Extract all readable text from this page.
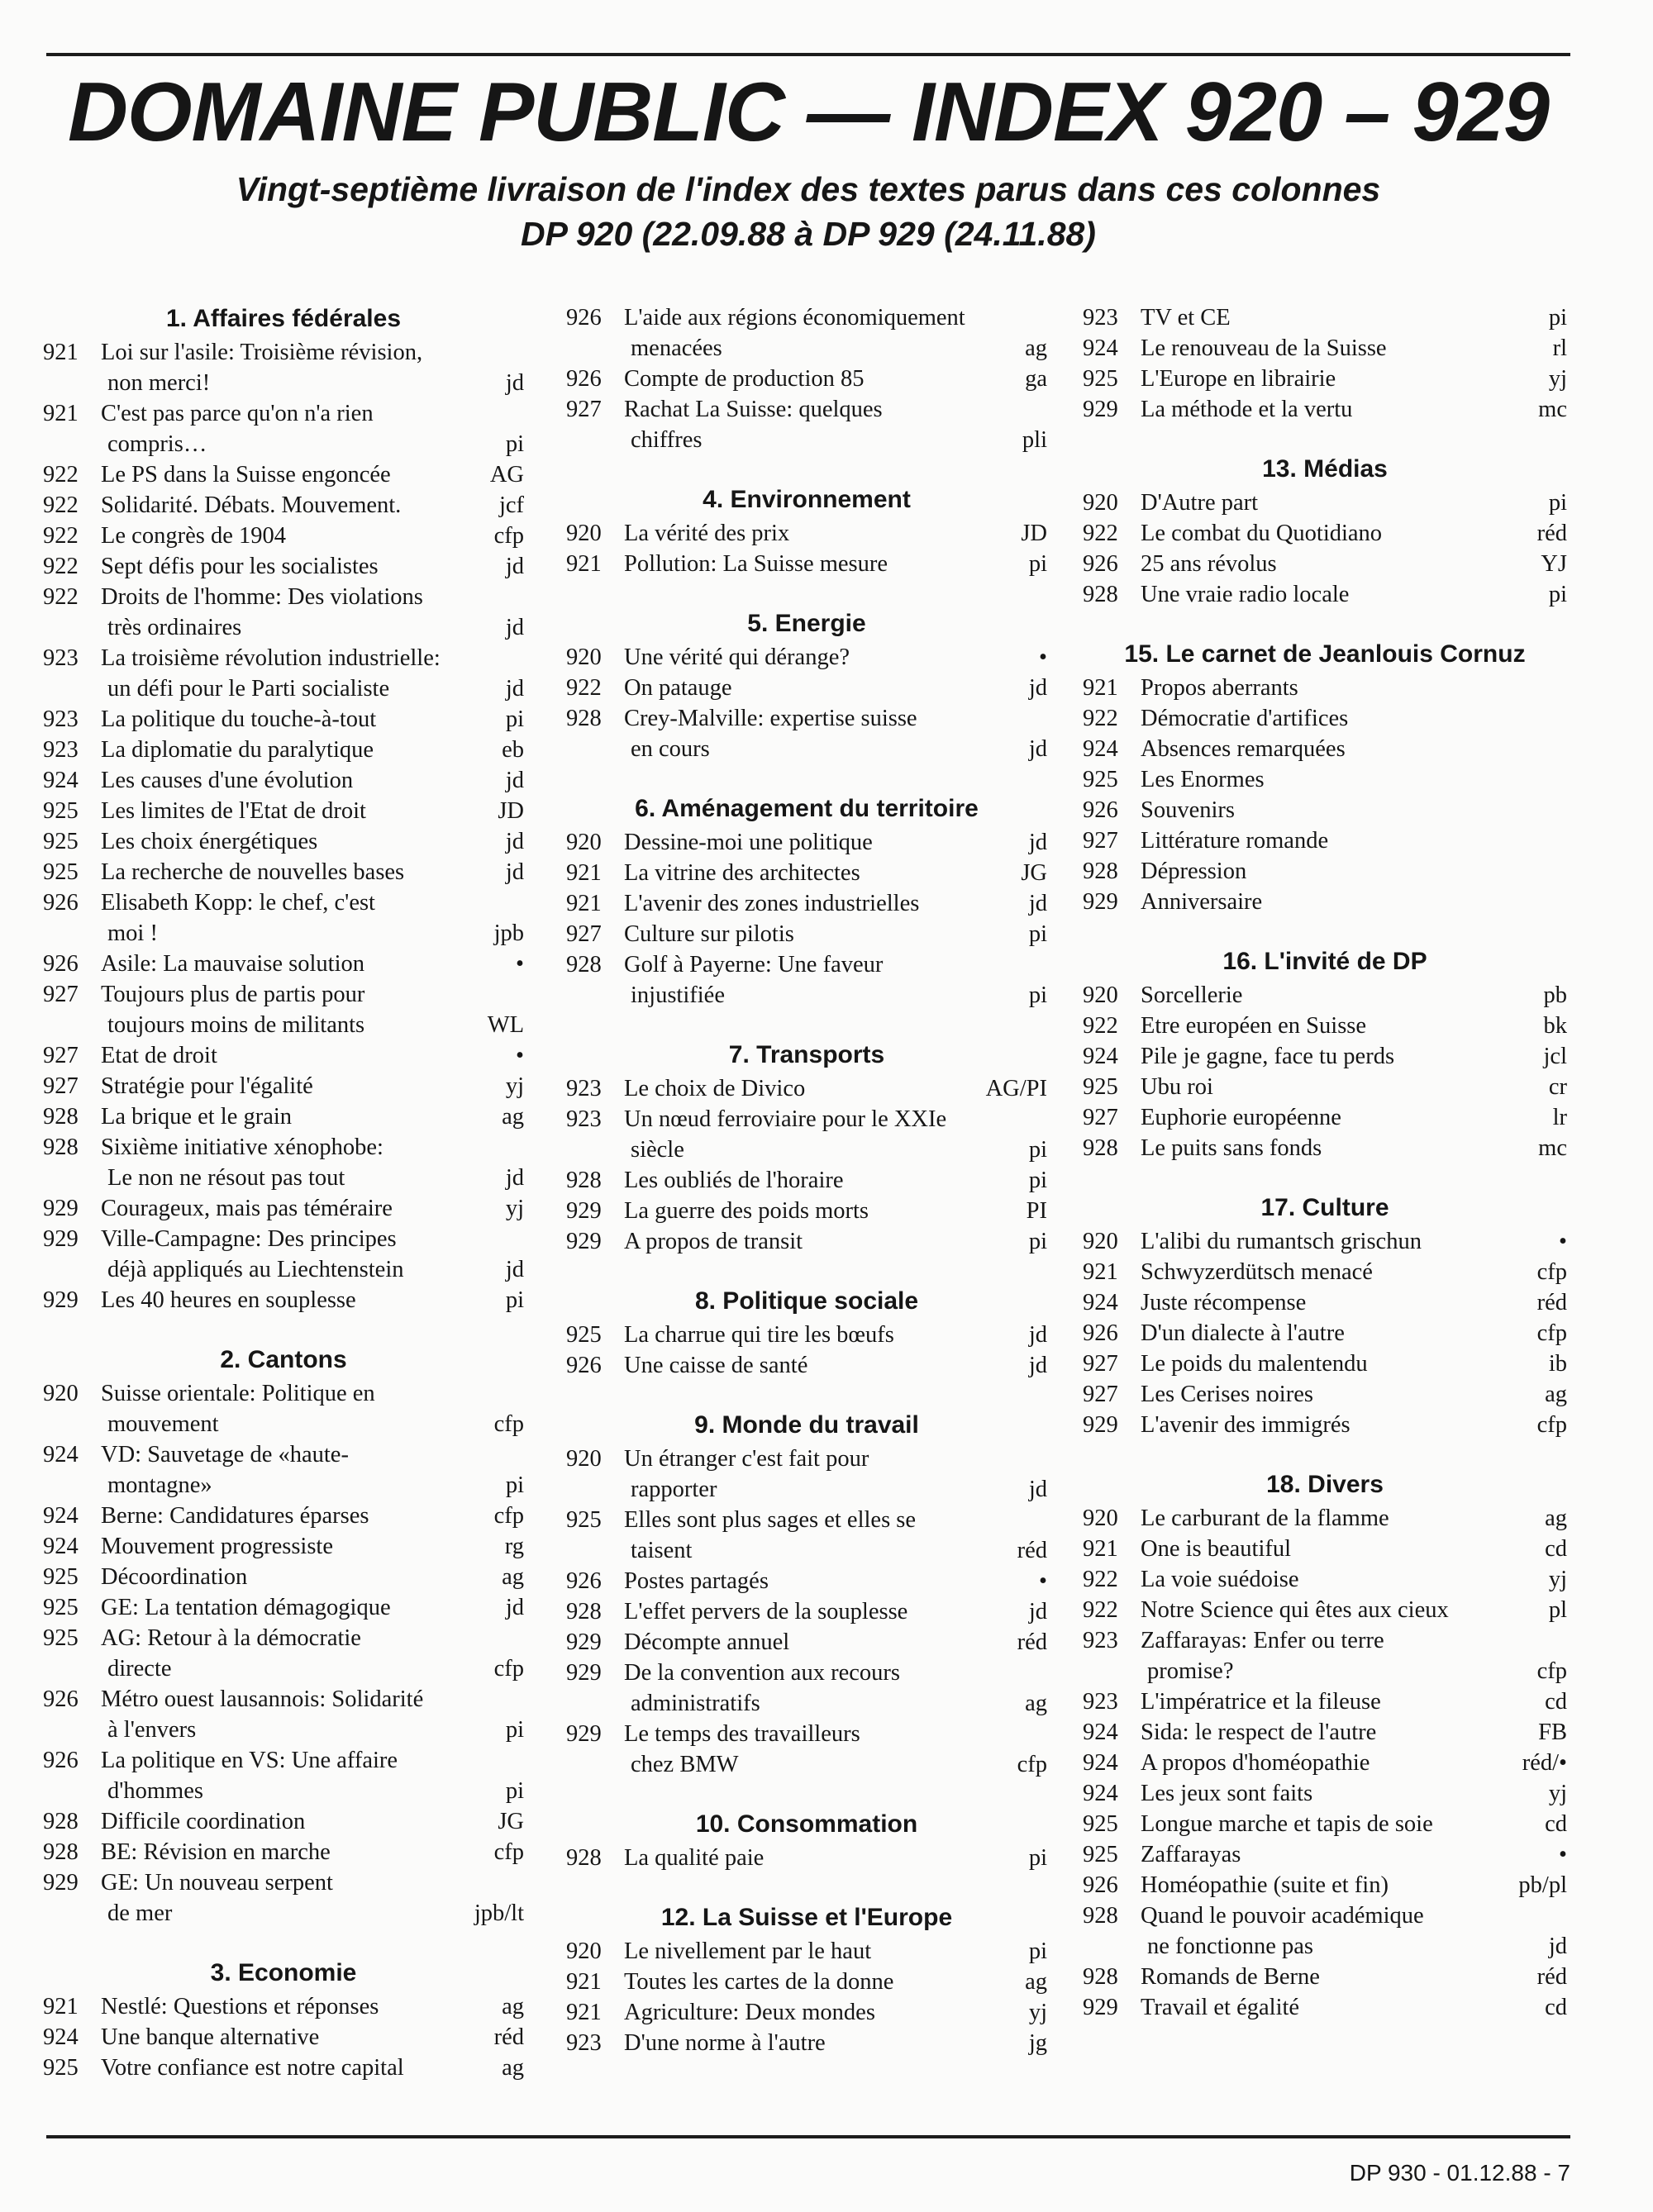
DOMAINE PUBLIC — INDEX 920 – 929
Vingt-septième livraison de l'index des textes parus dans ces colonnes
DP 920 (22.09.88 à DP 929 (24.11.88)
1. Affaires fédérales
921 Loi sur l'asile: Troisième révision,
non merci!	jd
921 C'est pas parce qu'on n'a rien
compris…	pi
922 Le PS dans la Suisse engoncée	AG
922 Solidarité. Débats. Mouvement.	jcf
922 Le congrès de 1904	cfp
922 Sept défis pour les socialistes	jd
922 Droits de l'homme: Des violations
très ordinaires	jd
923 La troisième révolution industrielle:
un défi pour le Parti socialiste	jd
923 La politique du touche-à-tout	pi
923 La diplomatie du paralytique	eb
924 Les causes d'une évolution	jd
925 Les limites de l'Etat de droit	JD
925 Les choix énergétiques	jd
925 La recherche de nouvelles bases	jd
926 Elisabeth Kopp: le chef, c'est
moi !	jpb
926 Asile: La mauvaise solution	•
927 Toujours plus de partis pour
toujours moins de militants	WL
927 Etat de droit	•
927 Stratégie pour l'égalité	yj
928 La brique et le grain	ag
928 Sixième initiative xénophobe:
Le non ne résout pas tout	jd
929 Courageux, mais pas téméraire	yj
929 Ville-Campagne: Des principes
déjà appliqués au Liechtenstein	jd
929 Les 40 heures en souplesse	pi
2. Cantons
920 Suisse orientale: Politique en
mouvement	cfp
924 VD: Sauvetage de «haute-
montagne»	pi
924 Berne: Candidatures éparses	cfp
924 Mouvement progressiste	rg
925 Décoordination	ag
925 GE: La tentation démagogique	jd
925 AG: Retour à la démocratie
directe	cfp
926 Métro ouest lausannois: Solidarité
à l'envers	pi
926 La politique en VS: Une affaire
d'hommes	pi
928 Difficile coordination	JG
928 BE: Révision en marche	cfp
929 GE: Un nouveau serpent
de mer	jpb/lt
3. Economie
921 Nestlé: Questions et réponses	ag
924 Une banque alternative	réd
925 Votre confiance est notre capital	ag
926 L'aide aux régions économiquement
menacées	ag
926 Compte de production 85	ga
927 Rachat La Suisse: quelques
chiffres	pli
4. Environnement
920 La vérité des prix	JD
921 Pollution: La Suisse mesure	pi
5. Energie
920 Une vérité qui dérange?	•
922 On patauge	jd
928 Crey-Malville: expertise suisse
en cours	jd
6. Aménagement du territoire
920 Dessine-moi une politique	jd
921 La vitrine des architectes	JG
921 L'avenir des zones industrielles	jd
927 Culture sur pilotis	pi
928 Golf à Payerne: Une faveur
injustifiée	pi
7. Transports
923 Le choix de Divico	AG/PI
923 Un nœud ferroviaire pour le XXIe
siècle	pi
928 Les oubliés de l'horaire	pi
929 La guerre des poids morts	PI
929 A propos de transit	pi
8. Politique sociale
925 La charrue qui tire les bœufs	jd
926 Une caisse de santé	jd
9. Monde du travail
920 Un étranger c'est fait pour
rapporter	jd
925 Elles sont plus sages et elles se
taisent	réd
926 Postes partagés	•
928 L'effet pervers de la souplesse	jd
929 Décompte annuel	réd
929 De la convention aux recours
administratifs	ag
929 Le temps des travailleurs
chez BMW	cfp
10. Consommation
928 La qualité paie	pi
12. La Suisse et l'Europe
920 Le nivellement par le haut	pi
921 Toutes les cartes de la donne	ag
921 Agriculture: Deux mondes	yj
923 D'une norme à l'autre	jg
923 TV et CE	pi
924 Le renouveau de la Suisse	rl
925 L'Europe en librairie	yj
929 La méthode et la vertu	mc
13. Médias
920 D'Autre part	pi
922 Le combat du Quotidiano	réd
926 25 ans révolus	YJ
928 Une vraie radio locale	pi
15. Le carnet de Jeanlouis Cornuz
921 Propos aberrants
922 Démocratie d'artifices
924 Absences remarquées
925 Les Enormes
926 Souvenirs
927 Littérature romande
928 Dépression
929 Anniversaire
16. L'invité de DP
920 Sorcellerie	pb
922 Etre européen en Suisse	bk
924 Pile je gagne, face tu perds	jcl
925 Ubu roi	cr
927 Euphorie européenne	lr
928 Le puits sans fonds	mc
17. Culture
920 L'alibi du rumantsch grischun	•
921 Schwyzerdütsch menacé	cfp
924 Juste récompense	réd
926 D'un dialecte à l'autre	cfp
927 Le poids du malentendu	ib
927 Les Cerises noires	ag
929 L'avenir des immigrés	cfp
18. Divers
920 Le carburant de la flamme	ag
921 One is beautiful	cd
922 La voie suédoise	yj
922 Notre Science qui êtes aux cieux	pl
923 Zaffarayas: Enfer ou terre
promise?	cfp
923 L'impératrice et la fileuse	cd
924 Sida: le respect de l'autre	FB
924 A propos d'homéopathie	réd/•
924 Les jeux sont faits	yj
925 Longue marche et tapis de soie	cd
925 Zaffarayas	•
926 Homéopathie (suite et fin)	pb/pl
928 Quand le pouvoir académique
ne fonctionne pas	jd
928 Romands de Berne	réd
929 Travail et égalité	cd
DP 930 - 01.12.88 - 7
